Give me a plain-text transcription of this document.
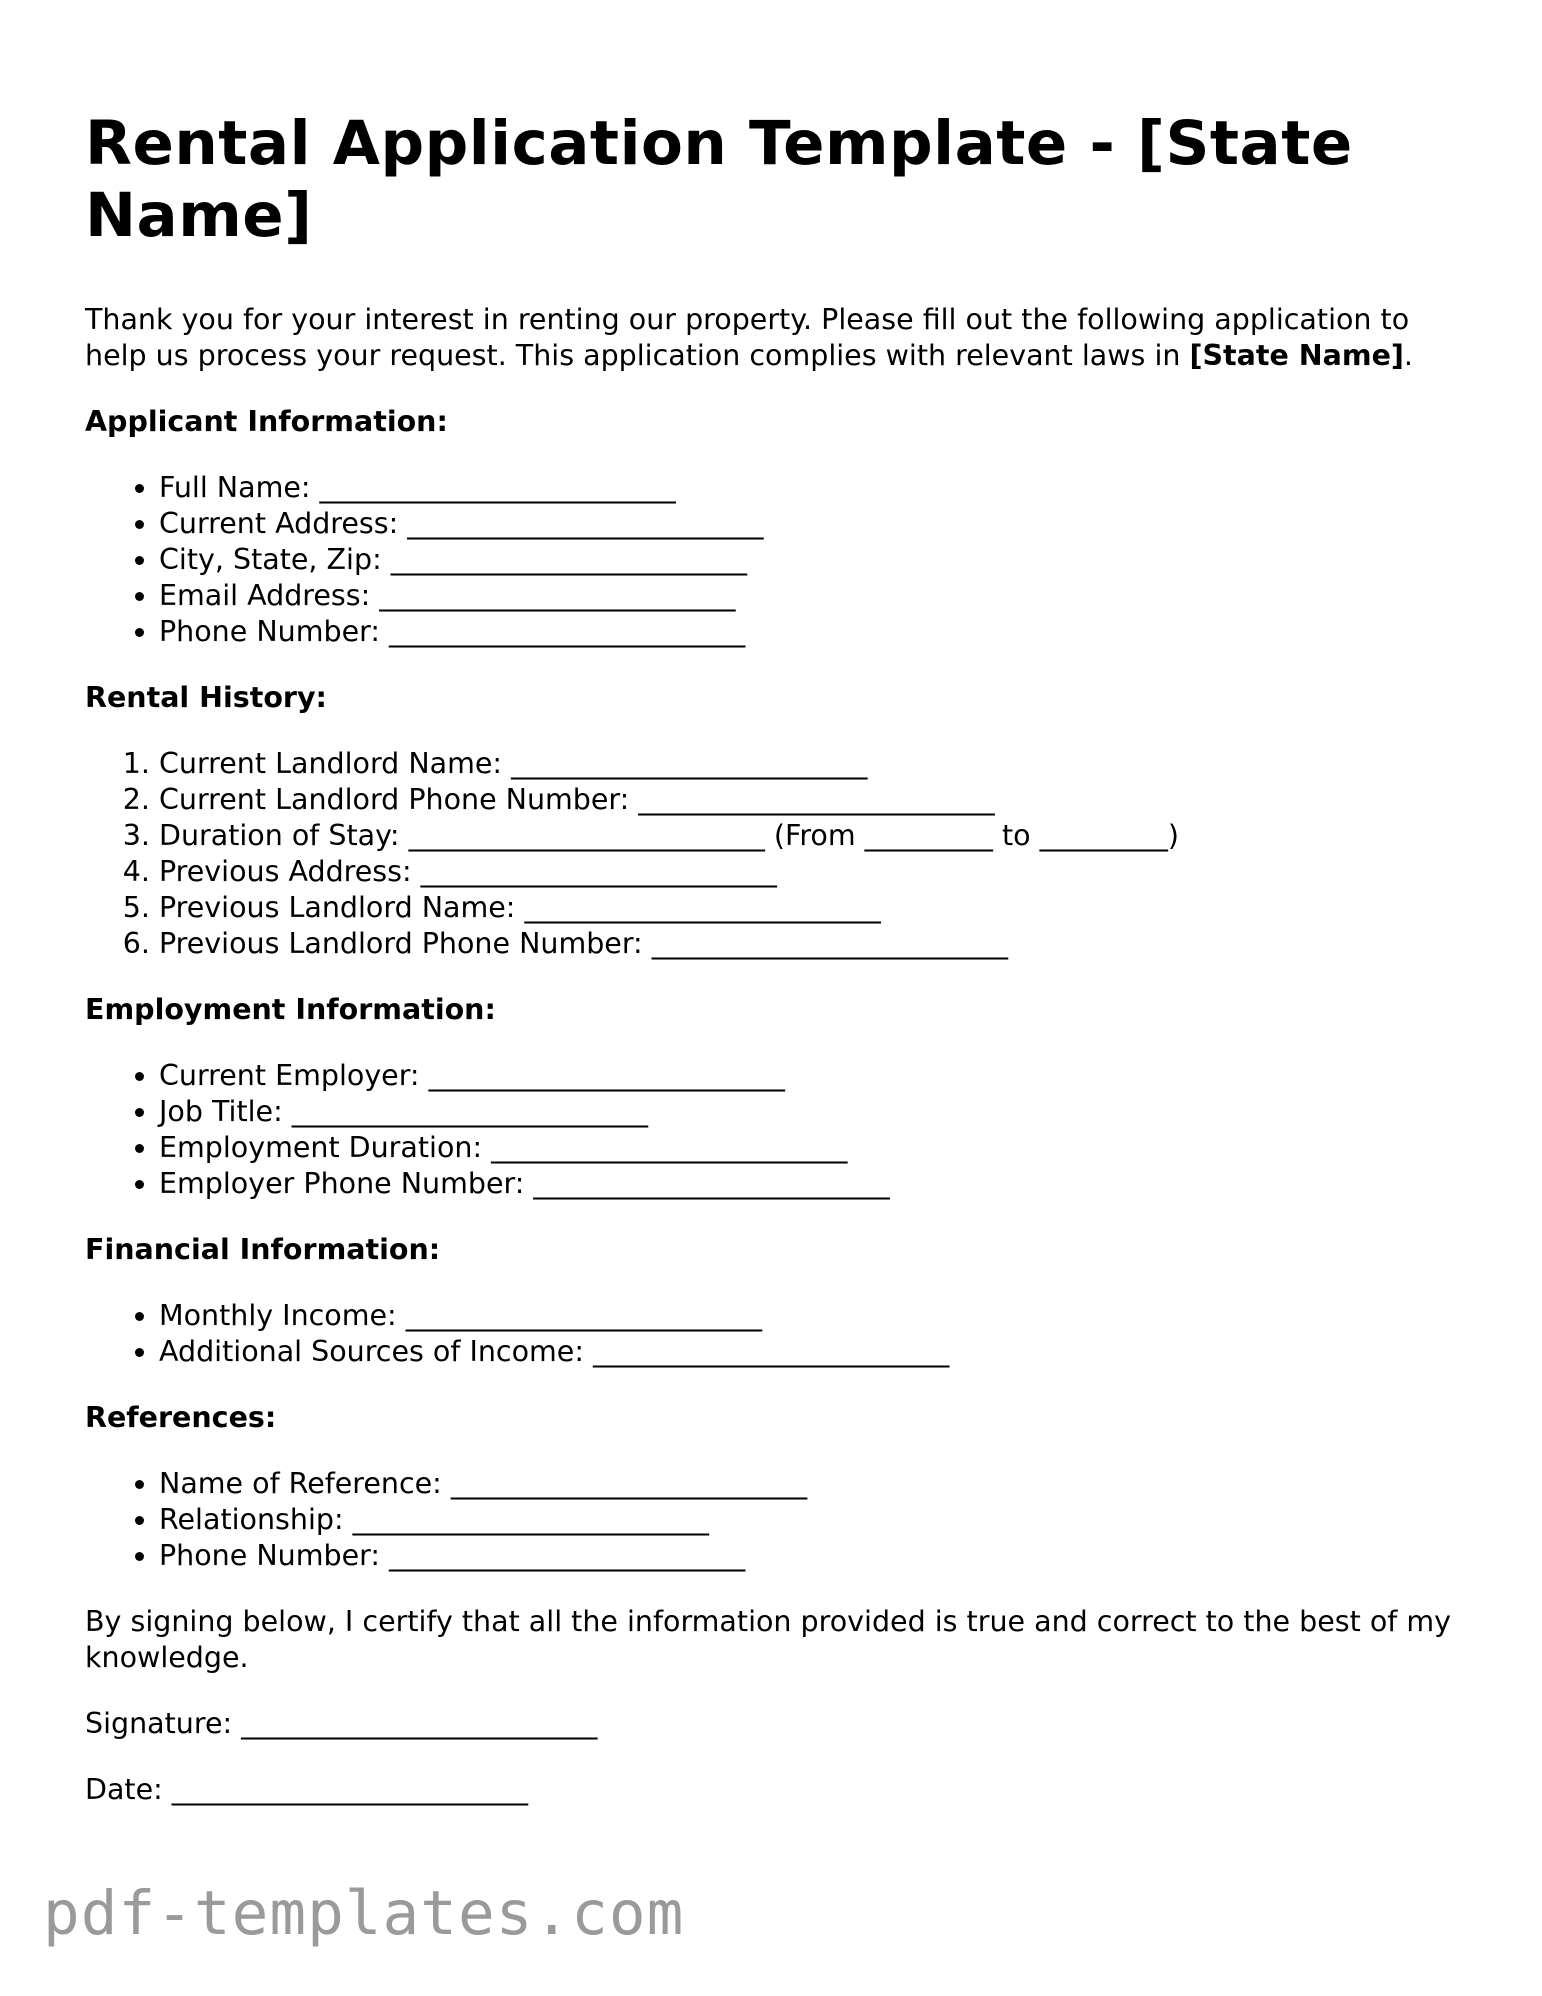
Rental Application Template - [State Name]

Thank you for your interest in renting our property. Please fill out the following application to help us process your request. This application complies with relevant laws in [State Name].

Applicant Information:
• Full Name: _________________________
• Current Address: _________________________
• City, State, Zip: _________________________
• Email Address: _________________________
• Phone Number: _________________________
Rental History:
1. Current Landlord Name: _________________________
2. Current Landlord Phone Number: _________________________
3. Duration of Stay: _________________________ (From _________ to _________)
4. Previous Address: _________________________
5. Previous Landlord Name: _________________________
6. Previous Landlord Phone Number: _________________________
Employment Information:
• Current Employer: _________________________
• Job Title: _________________________
• Employment Duration: _________________________
• Employer Phone Number: _________________________
Financial Information:
• Monthly Income: _________________________
• Additional Sources of Income: _________________________
References:
• Name of Reference: _________________________
• Relationship: _________________________
• Phone Number: _________________________

By signing below, I certify that all the information provided is true and correct to the best of my knowledge.

Signature: _________________________

Date: _________________________

pdf-templates.com
